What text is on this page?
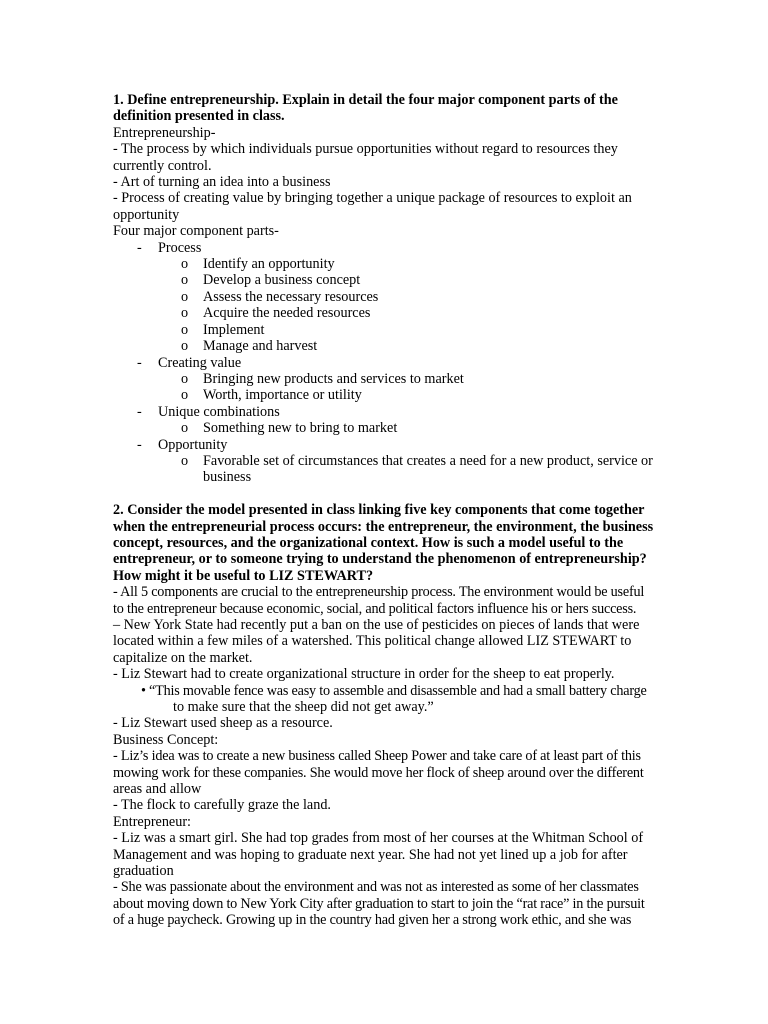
1. Define entrepreneurship. Explain in detail the four major component parts of the

definition presented in class.

Entrepreneurship-

- The process by which individuals pursue opportunities without regard to resources they

currently control.

- Art of turning an idea into a business

- Process of creating value by bringing together a unique package of resources to exploit an

opportunity

Four major component parts-

- Process

o Identify an opportunity

o Develop a business concept

o Assess the necessary resources

o Acquire the needed resources

o Implement

o Manage and harvest

- Creating value

o Bringing new products and services to market

o Worth, importance or utility

- Unique combinations

o Something new to bring to market

- Opportunity

o Favorable set of circumstances that creates a need for a new product, service or

business

2. Consider the model presented in class linking five key components that come together

when the entrepreneurial process occurs: the entrepreneur, the environment, the business

concept, resources, and the organizational context. How is such a model useful to the

entrepreneur, or to someone trying to understand the phenomenon of entrepreneurship?

How might it be useful to LIZ STEWART?

- All 5 components are crucial to the entrepreneurship process. The environment would be useful

to the entrepreneur because economic, social, and political factors influence his or hers success.

– New York State had recently put a ban on the use of pesticides on pieces of lands that were

located within a few miles of a watershed. This political change allowed LIZ STEWART to

capitalize on the market.

- Liz Stewart had to create organizational structure in order for the sheep to eat properly.

• “This movable fence was easy to assemble and disassemble and had a small battery charge

to make sure that the sheep did not get away.”

- Liz Stewart used sheep as a resource.

Business Concept:

- Liz’s idea was to create a new business called Sheep Power and take care of at least part of this

mowing work for these companies. She would move her flock of sheep around over the different

areas and allow

- The flock to carefully graze the land.

Entrepreneur:

- Liz was a smart girl. She had top grades from most of her courses at the Whitman School of

Management and was hoping to graduate next year. She had not yet lined up a job for after

graduation

- She was passionate about the environment and was not as interested as some of her classmates

about moving down to New York City after graduation to start to join the “rat race” in the pursuit

of a huge paycheck. Growing up in the country had given her a strong work ethic, and she was
